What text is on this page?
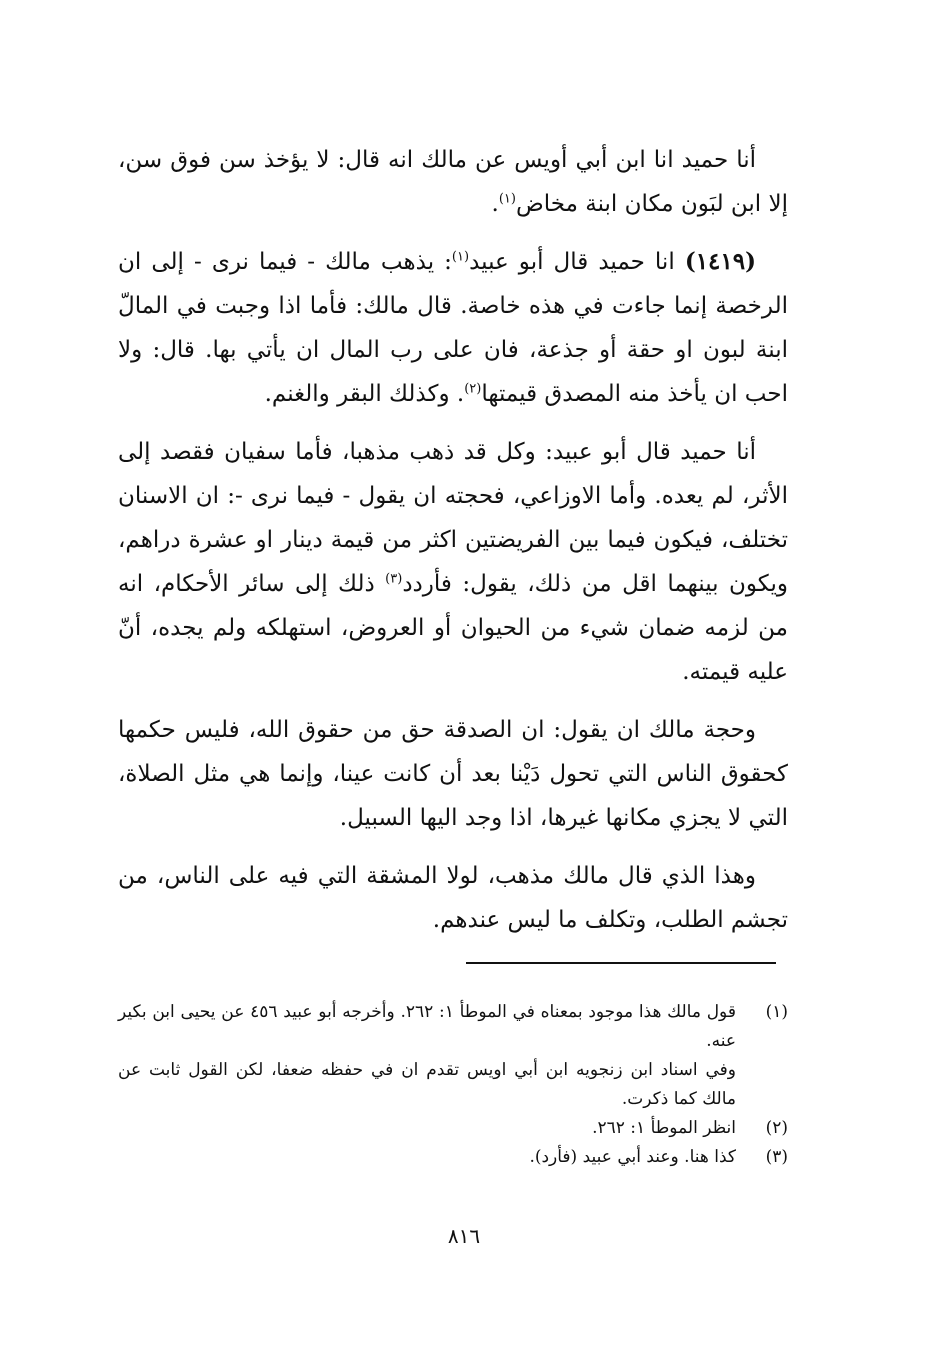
أنا حميد انا ابن أبي أويس عن مالك انه قال: لا يؤخذ سن فوق سن، إلا ابن لبَون مكان ابنة مخاض$^{(١)}$.

(١٤١٩) انا حميد قال أبو عبيد$^{(١)}$: يذهب مالك - فيما نرى - إلى ان الرخصة إنما جاءت في هذه خاصة. قال مالك: فأما اذا وجبت في المالّ ابنة لبون او حقة أو جذعة، فان على رب المال ان يأتي بها. قال: ولا احب ان يأخذ منه المصدق قيمتها$^{(٢)}$. وكذلك البقر والغنم.

أنا حميد قال أبو عبيد: وكل قد ذهب مذهبا، فأما سفيان فقصد إلى الأثر، لم يعده. وأما الاوزاعي، فحجته ان يقول - فيما نرى -: ان الاسنان تختلف، فيكون فيما بين الفريضتين اكثر من قيمة دينار او عشرة دراهم، ويكون بينهما اقل من ذلك، يقول: فأردد$^{(٣)}$ ذلك إلى سائر الأحكام، انه من لزمه ضمان شيء من الحيوان أو العروض، استهلكه ولم يجده، أنّ عليه قيمته.

وحجة مالك ان يقول: ان الصدقة حق من حقوق الله، فليس حكمها كحقوق الناس التي تحول دَيْنا بعد أن كانت عينا، وإنما هي مثل الصلاة، التي لا يجزي مكانها غيرها، اذا وجد اليها السبيل.

وهذا الذي قال مالك مذهب، لولا المشقة التي فيه على الناس، من تجشم الطلب، وتكلف ما ليس عندهم.

(١)
قول مالك هذا موجود بمعناه في الموطأ ١: ٢٦٢. وأخرجه أبو عبيد ٤٥٦ عن يحيى ابن بكير عنه.
وفي اسناد ابن زنجويه ابن أبي اويس تقدم ان في حفظه ضعفا، لكن القول ثابت عن مالك كما ذكرت.
(٢)
انظر الموطأ ١: ٢٦٢.
(٣)
كذا هنا. وعند أبي عبيد (فأرد).
٨١٦
